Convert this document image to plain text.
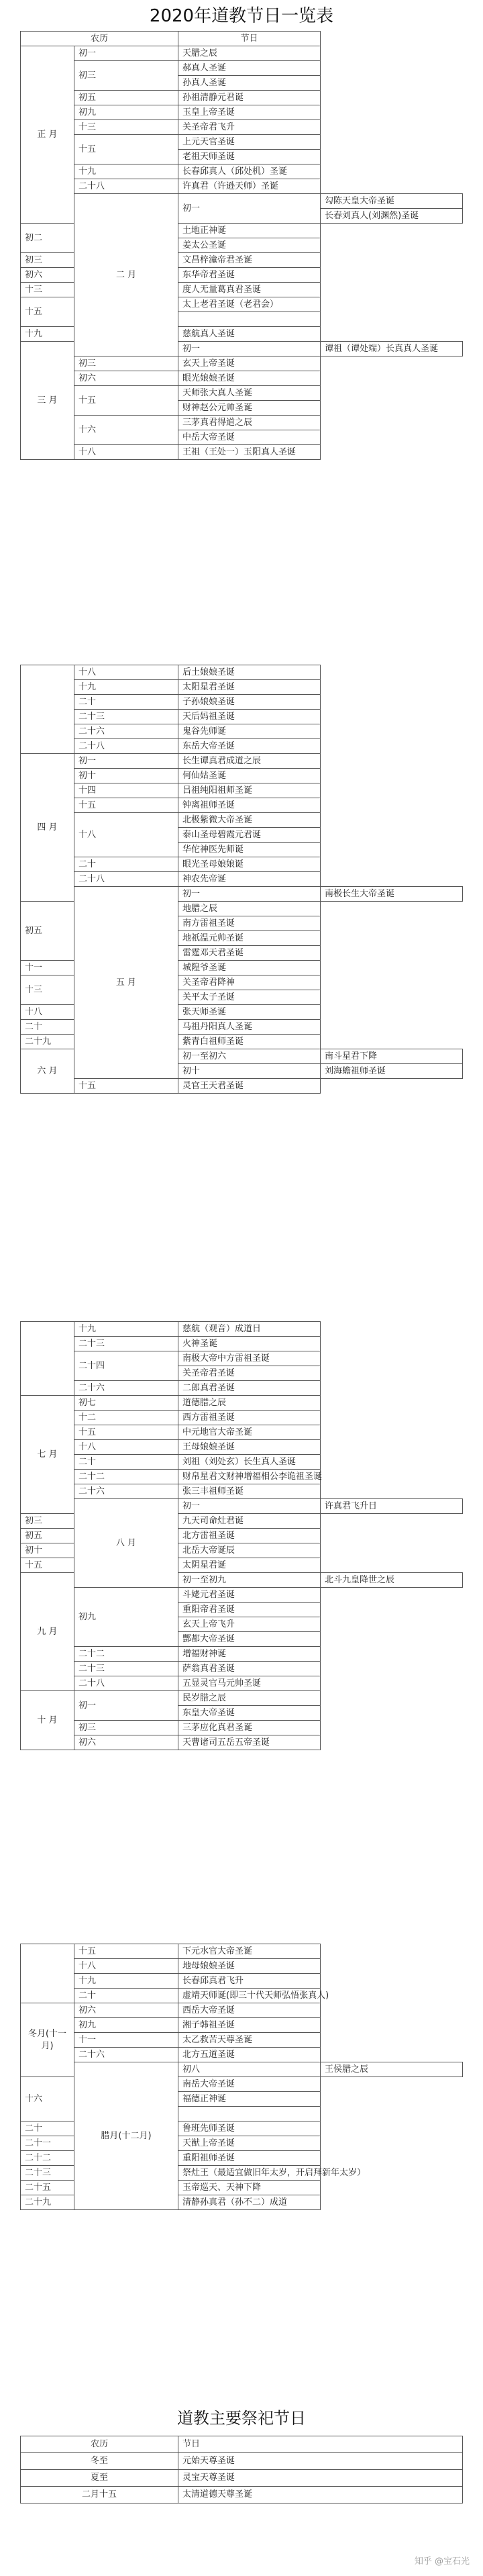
2020年道教节日一览表
农历		节日	
正 月	初一	天腊之辰	
	初三	郝真人圣诞	
		孙真人圣诞	
	初五	孙祖清静元君诞	
	初九	玉皇上帝圣诞	
	十三	关圣帝君飞升	
	十五	上元天官圣诞	
		老祖天师圣诞	
	十九	长春邱真人（邱处机）圣诞	
	二十八	许真君（许逊天师）圣诞	
	二 月	初一	勾陈天皇大帝圣诞
			长春刘真人(刘渊然)圣诞
初二		土地正神诞	
		姜太公圣诞	
初三		文昌梓潼帝君圣诞	
初六		东华帝君圣诞	
十三		度人无量葛真君圣诞	
十五		太上老君圣诞（老君会）	

十九		慈航真人圣诞	
三 月		初一	谭祖（谭处端）长真真人圣诞
	初三	玄天上帝圣诞	
	初六	眼光娘娘圣诞	
	十五	天师张大真人圣诞	
		财神赵公元帅圣诞	
	十六	三茅真君得道之辰	
		中岳大帝圣诞	
	十八	王祖（王处一）玉阳真人圣诞	
	十八	后土娘娘圣诞	
	十九	太阳星君圣诞	
	二十	子孙娘娘圣诞	
	二十三	天后妈祖圣诞	
	二十六	鬼谷先师诞	
	二十八	东岳大帝圣诞	
四 月	初一	长生谭真君成道之辰	
	初十	何仙姑圣诞	
	十四	吕祖纯阳祖师圣诞	
	十五	钟离祖师圣诞	
	十八	北极紫微大帝圣诞	
		泰山圣母碧霞元君诞	
		华佗神医先师诞	
	二十	眼光圣母娘娘诞	
	二十八	神农先帝诞	
	五 月	初一	南极长生大帝圣诞
初五		地腊之辰	
		南方雷祖圣诞	
		地祇温元帅圣诞	
		雷霆邓天君圣诞	
十一		城隍爷圣诞	
十三		关圣帝君降神	
		关平太子圣诞	
十八		张天师圣诞	
二十		马祖丹阳真人圣诞	
二十九		紫青白祖师圣诞	
六 月		初一至初六	南斗星君下降
		初十	刘海蟾祖师圣诞
	十五	灵官王天君圣诞	
	十九	慈航（观音）成道日	
	二十三	火神圣诞	
	二十四	南极大帝中方雷祖圣诞	
		关圣帝君圣诞	
	二十六	二郎真君圣诞	
七 月	初七	道德腊之辰	
	十二	西方雷祖圣诞	
	十五	中元地官大帝圣诞	
	十八	王母娘娘圣诞	
	二十	刘祖（刘处玄）长生真人圣诞	
	二十二	财帛星君文财神增福相公李诡祖圣诞	
	二十六	张三丰祖师圣诞	
	八 月	初一	许真君飞升日
初三		九天司命灶君诞	
初五		北方雷祖圣诞	
初十		北岳大帝诞辰	
十五		太阴星君诞	
九 月		初一至初九	北斗九皇降世之辰
	初九	斗姥元君圣诞	
		重阳帝君圣诞	
		玄天上帝飞升	
		酆都大帝圣诞	
	二十二	增福财神诞	
	二十三	萨翁真君圣诞	
	二十八	五显灵官马元帅圣诞	
十 月	初一	民岁腊之辰	
		东皇大帝圣诞	
	初三	三茅应化真君圣诞	
	初六	天曹诸司五岳五帝圣诞	
	十五	下元水官大帝圣诞	
	十八	地母娘娘圣诞	
	十九	长春邱真君飞升	
	二十	虚靖天师诞(即三十代天师弘悟张真人)	
冬月(十一月)	初六	西岳大帝圣诞	
	初九	湘子韩祖圣诞	
	十一	太乙救苦天尊圣诞	
	二十六	北方五道圣诞	
	腊月(十二月)	初八	王侯腊之辰
十六		南岳大帝圣诞	
		福德正神诞	

二十		鲁班先师圣诞	
二十一		天猷上帝圣诞	
二十二		重阳祖师圣诞	
二十三		祭灶王（最适宜做旧年太岁，开启拜新年太岁）	
二十五		玉帝巡天、天神下降	
二十九		清静孙真君（孙不二）成道	
道教主要祭祀节日
农历	节日
冬至	元始天尊圣诞
夏至	灵宝天尊圣诞
二月十五	太清道德天尊圣诞
知乎 @宝石光
